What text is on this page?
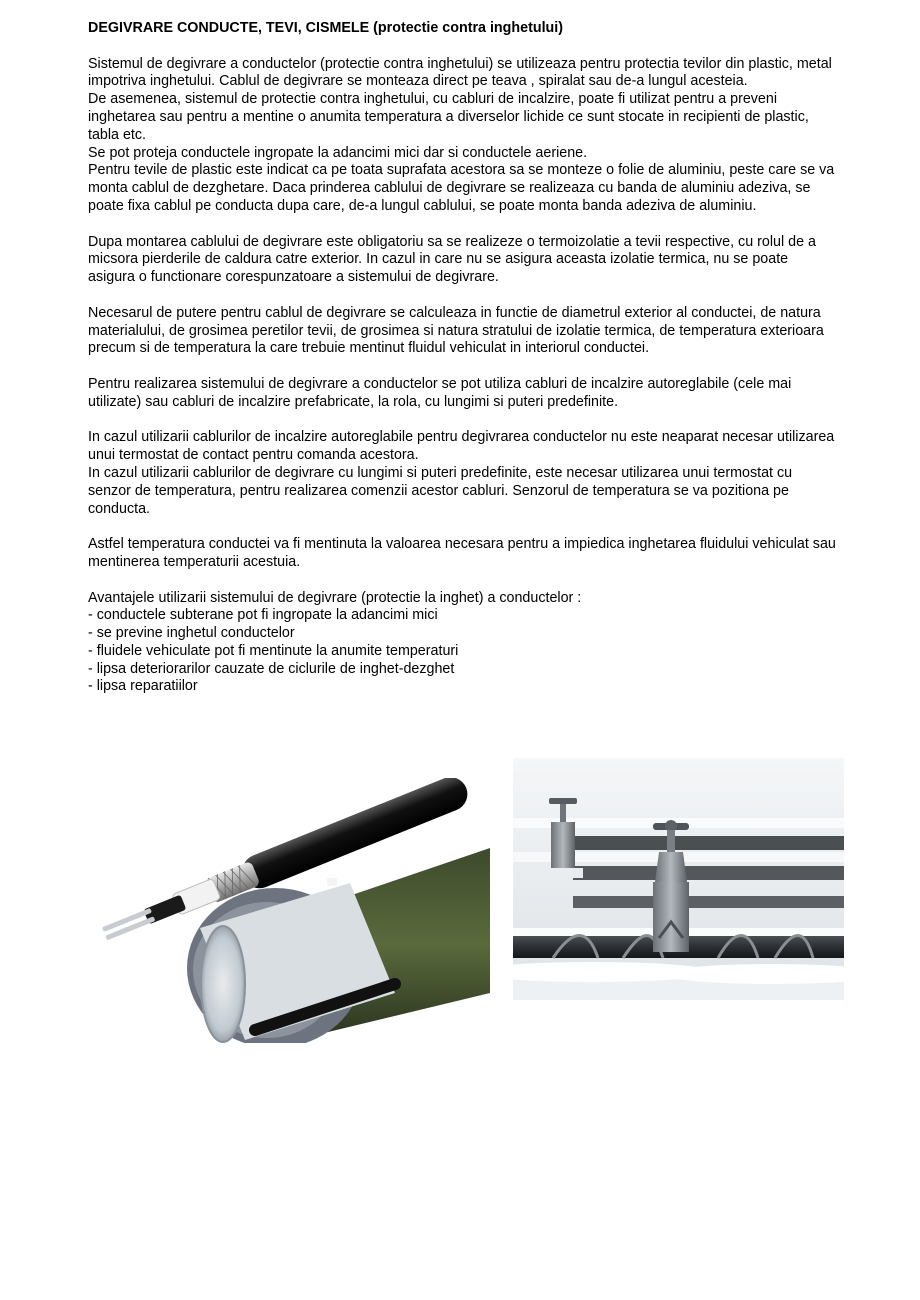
DEGIVRARE CONDUCTE, TEVI, CISMELE (protectie contra inghetului)
Sistemul de degivrare a conductelor (protectie contra inghetului) se utilizeaza pentru protectia tevilor din plastic, metal
impotriva inghetului. Cablul de degivrare se monteaza direct pe teava , spiralat sau de-a lungul acesteia.
De asemenea, sistemul de protectie contra inghetului, cu cabluri de incalzire, poate fi utilizat pentru a preveni
inghetarea sau pentru a mentine o anumita temperatura a diverselor lichide ce sunt stocate in recipienti de plastic,
tabla etc.
Se pot proteja conductele ingropate la adancimi mici dar si conductele aeriene.
Pentru tevile de plastic este indicat ca pe toata suprafata acestora sa se monteze o folie de aluminiu, peste care se va
monta cablul de dezghetare. Daca prinderea cablului de degivrare se realizeaza cu banda de aluminiu adeziva, se
poate fixa cablul pe conducta dupa care, de-a lungul cablului, se poate monta banda adeziva de aluminiu.
Dupa montarea cablului de degivrare este obligatoriu sa se realizeze o termoizolatie a tevii respective, cu rolul de a
micsora pierderile de caldura catre exterior. In cazul in care nu se asigura aceasta izolatie termica, nu se poate
asigura o functionare corespunzatoare a sistemului de degivrare.
Necesarul de putere pentru cablul de degivrare se calculeaza in functie de diametrul exterior al conductei, de natura
materialului, de grosimea peretilor tevii, de grosimea si natura stratului de izolatie termica, de temperatura exterioara
precum si de temperatura la care trebuie mentinut fluidul vehiculat in interiorul conductei.
Pentru realizarea sistemului de degivrare a conductelor se pot utiliza cabluri de incalzire autoreglabile (cele mai
utilizate) sau cabluri de incalzire prefabricate, la rola, cu lungimi si puteri predefinite.
In cazul utilizarii cablurilor de incalzire autoreglabile pentru degivrarea conductelor nu este neaparat necesar utilizarea
unui termostat de contact pentru comanda acestora.
In cazul utilizarii cablurilor de degivrare cu lungimi si puteri predefinite, este necesar utilizarea unui termostat cu
senzor de temperatura, pentru realizarea comenzii acestor cabluri. Senzorul de temperatura se va pozitiona pe
conducta.
Astfel temperatura conductei va fi mentinuta la valoarea necesara pentru a impiedica inghetarea fluidului vehiculat sau
mentinerea temperaturii acestuia.
Avantajele utilizarii sistemului de degivrare (protectie la inghet) a conductelor :
- conductele subterane pot fi ingropate la adancimi mici
- se previne inghetul conductelor
- fluidele vehiculate pot fi mentinute la anumite temperaturi
- lipsa deteriorarilor cauzate de ciclurile de inghet-dezghet
- lipsa reparatiilor
